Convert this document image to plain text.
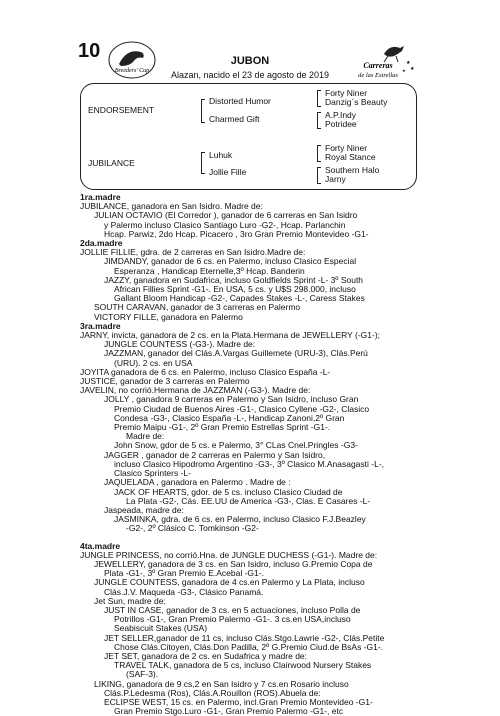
10
Breeders' Cup
Carreras
de las Estrellas
★
★
★
JUBON
Alazan, nacido el 23 de agosto de 2019
ENDORSEMENT
Distorted Humor
Charmed Gift
Forty Niner
Danzig´s Beauty
A.P.Indy
Potridee
JUBILANCE
Luhuk
Jollie Fille
Forty Niner
Royal Stance
Southern Halo
Jarny
1ra.madre
JUBILANCE, ganadora en San Isidro. Madre de:
JULIAN OCTAVIO (El Corredor ), ganador de 6 carreras en San Isidro
y Palermo incluso Clasico Santiago Luro -G2-, Hcap. Parlanchin
Hcap. Parwiz, 2do Hcap. Picacero , 3ro Gran Premio Montevideo -G1-
2da.madre
JOLLIE FILLIE, gdra. de 2 carreras en San Isidro.Madre de:
JIMDANDY, ganador de 6 cs. en Palermo, incluso Clasico Especial
Esperanza , Handicap Eternelle,3º Hcap. Banderin
JAZZY, ganadora en Sudafrica, incluso Goldfields Sprint -L- 3º South
African Fillies Sprint -G1-. En USA, 5 cs. y U$S 298.000, incluso
Gallant Bloom Handicap -G2-, Capades Stakes -L-, Caress Stakes
SOUTH CARAVAN, ganador de 3 carreras en Palermo
VICTORY FILLE, ganadora en Palermo
3ra.madre
JARNY, invicta, ganadora de 2 cs. en la Plata.Hermana de JEWELLERY (-G1-);
JUNGLE COUNTESS (-G3-). Madre de:
JAZZMAN, ganador del Clás.A.Vargas Guillemete (URU-3), Clás.Perú
(URU). 2 cs. en USA
JOYITA ganadora de 6 cs. en Palermo, incluso Clasico España -L-
JUSTICE, ganador de 3 carreras en Palermo
JAVELIN, no corrió.Hermana de JAZZMAN (-G3-). Madre de:
JOLLY , ganadora 9 carreras en Palermo y San Isidro, incluso Gran
Premio Ciudad de Buenos Aires -G1-, Clasico Cyllene -G2-, Clasico
Condesa -G3-, Clasico España -L-, Handicap Zanoni,2º Gran
Premio Maipu -G1-, 2º Gran Premio Estrellas Sprint -G1-.
Madre de:
John Snow, gdor de 5 cs. e Palermo, 3° CLas Cnel.Pringles -G3-
JAGGER , ganador de 2 carreras en Palermo y San Isidro,
incluso Clasico Hipodromo Argentino -G3-, 3º Clasico M.Anasagasti -L-,
Clasico Sprinters -L-
JAQUELADA , ganadora en Palermo . Madre de :
JACK OF HEARTS, gdor. de 5 cs. incluso Clasico Ciudad de
La Plata -G2-, Cás. EE.UU de America -G3-, Clas. E Casares -L-
Jaspeada, madre de:
JASMINKA, gdra. de 6 cs. en Palermo, incluso Clasico F.J.Beazley
-G2-, 2º Clásico C. Tomkinson -G2-
4ta.madre
JUNGLE PRINCESS, no corrió.Hna. de JUNGLE DUCHESS (-G1-). Madre de:
JEWELLERY, ganadora de 3 cs. en San Isidro, incluso G.Premio Copa de
Plata -G1-, 3º Gran Premio E.Acebal -G1-.
JUNGLE COUNTESS, ganadora de 4 cs.en Palermo y La Plata, incluso
Clás.J.V. Maqueda -G3-, Clásico Panamá.
Jet Sun, madre de:
JUST IN CASE, ganador de 3 cs. en 5 actuaciones, incluso Polla de
Potrillos -G1-, Gran Premio Palermo -G1-. 3 cs.en USA,incluso
Seabiscuit Stakes (USA)
JET SELLER,ganador de 11 cs, incluso Clás.Stgo.Lawrie -G2-, Clás.Petite
Chose Clás.Citoyen, Clás.Don Padilla, 2º G.Premio Ciud.de BsAs -G1-.
JET SET, ganadora de 2 cs. en Sudafrica y madre de:
TRAVEL TALK, ganadora de 5 cs, incluso Clairwood Nursery Stakes
(SAF-3).
LIKING, ganadora de 9 cs,2 en San Isidro y 7 cs.en Rosario incluso
Clás.P.Ledesma (Ros), Clás.A.Rouillon (ROS).Abuela de:
ECLIPSE WEST, 15 cs. en Palermo, incl.Gran Premio Montevideo -G1-
Gran Premio Stgo.Luro -G1-, Gran Premio Palermo -G1-, etc
